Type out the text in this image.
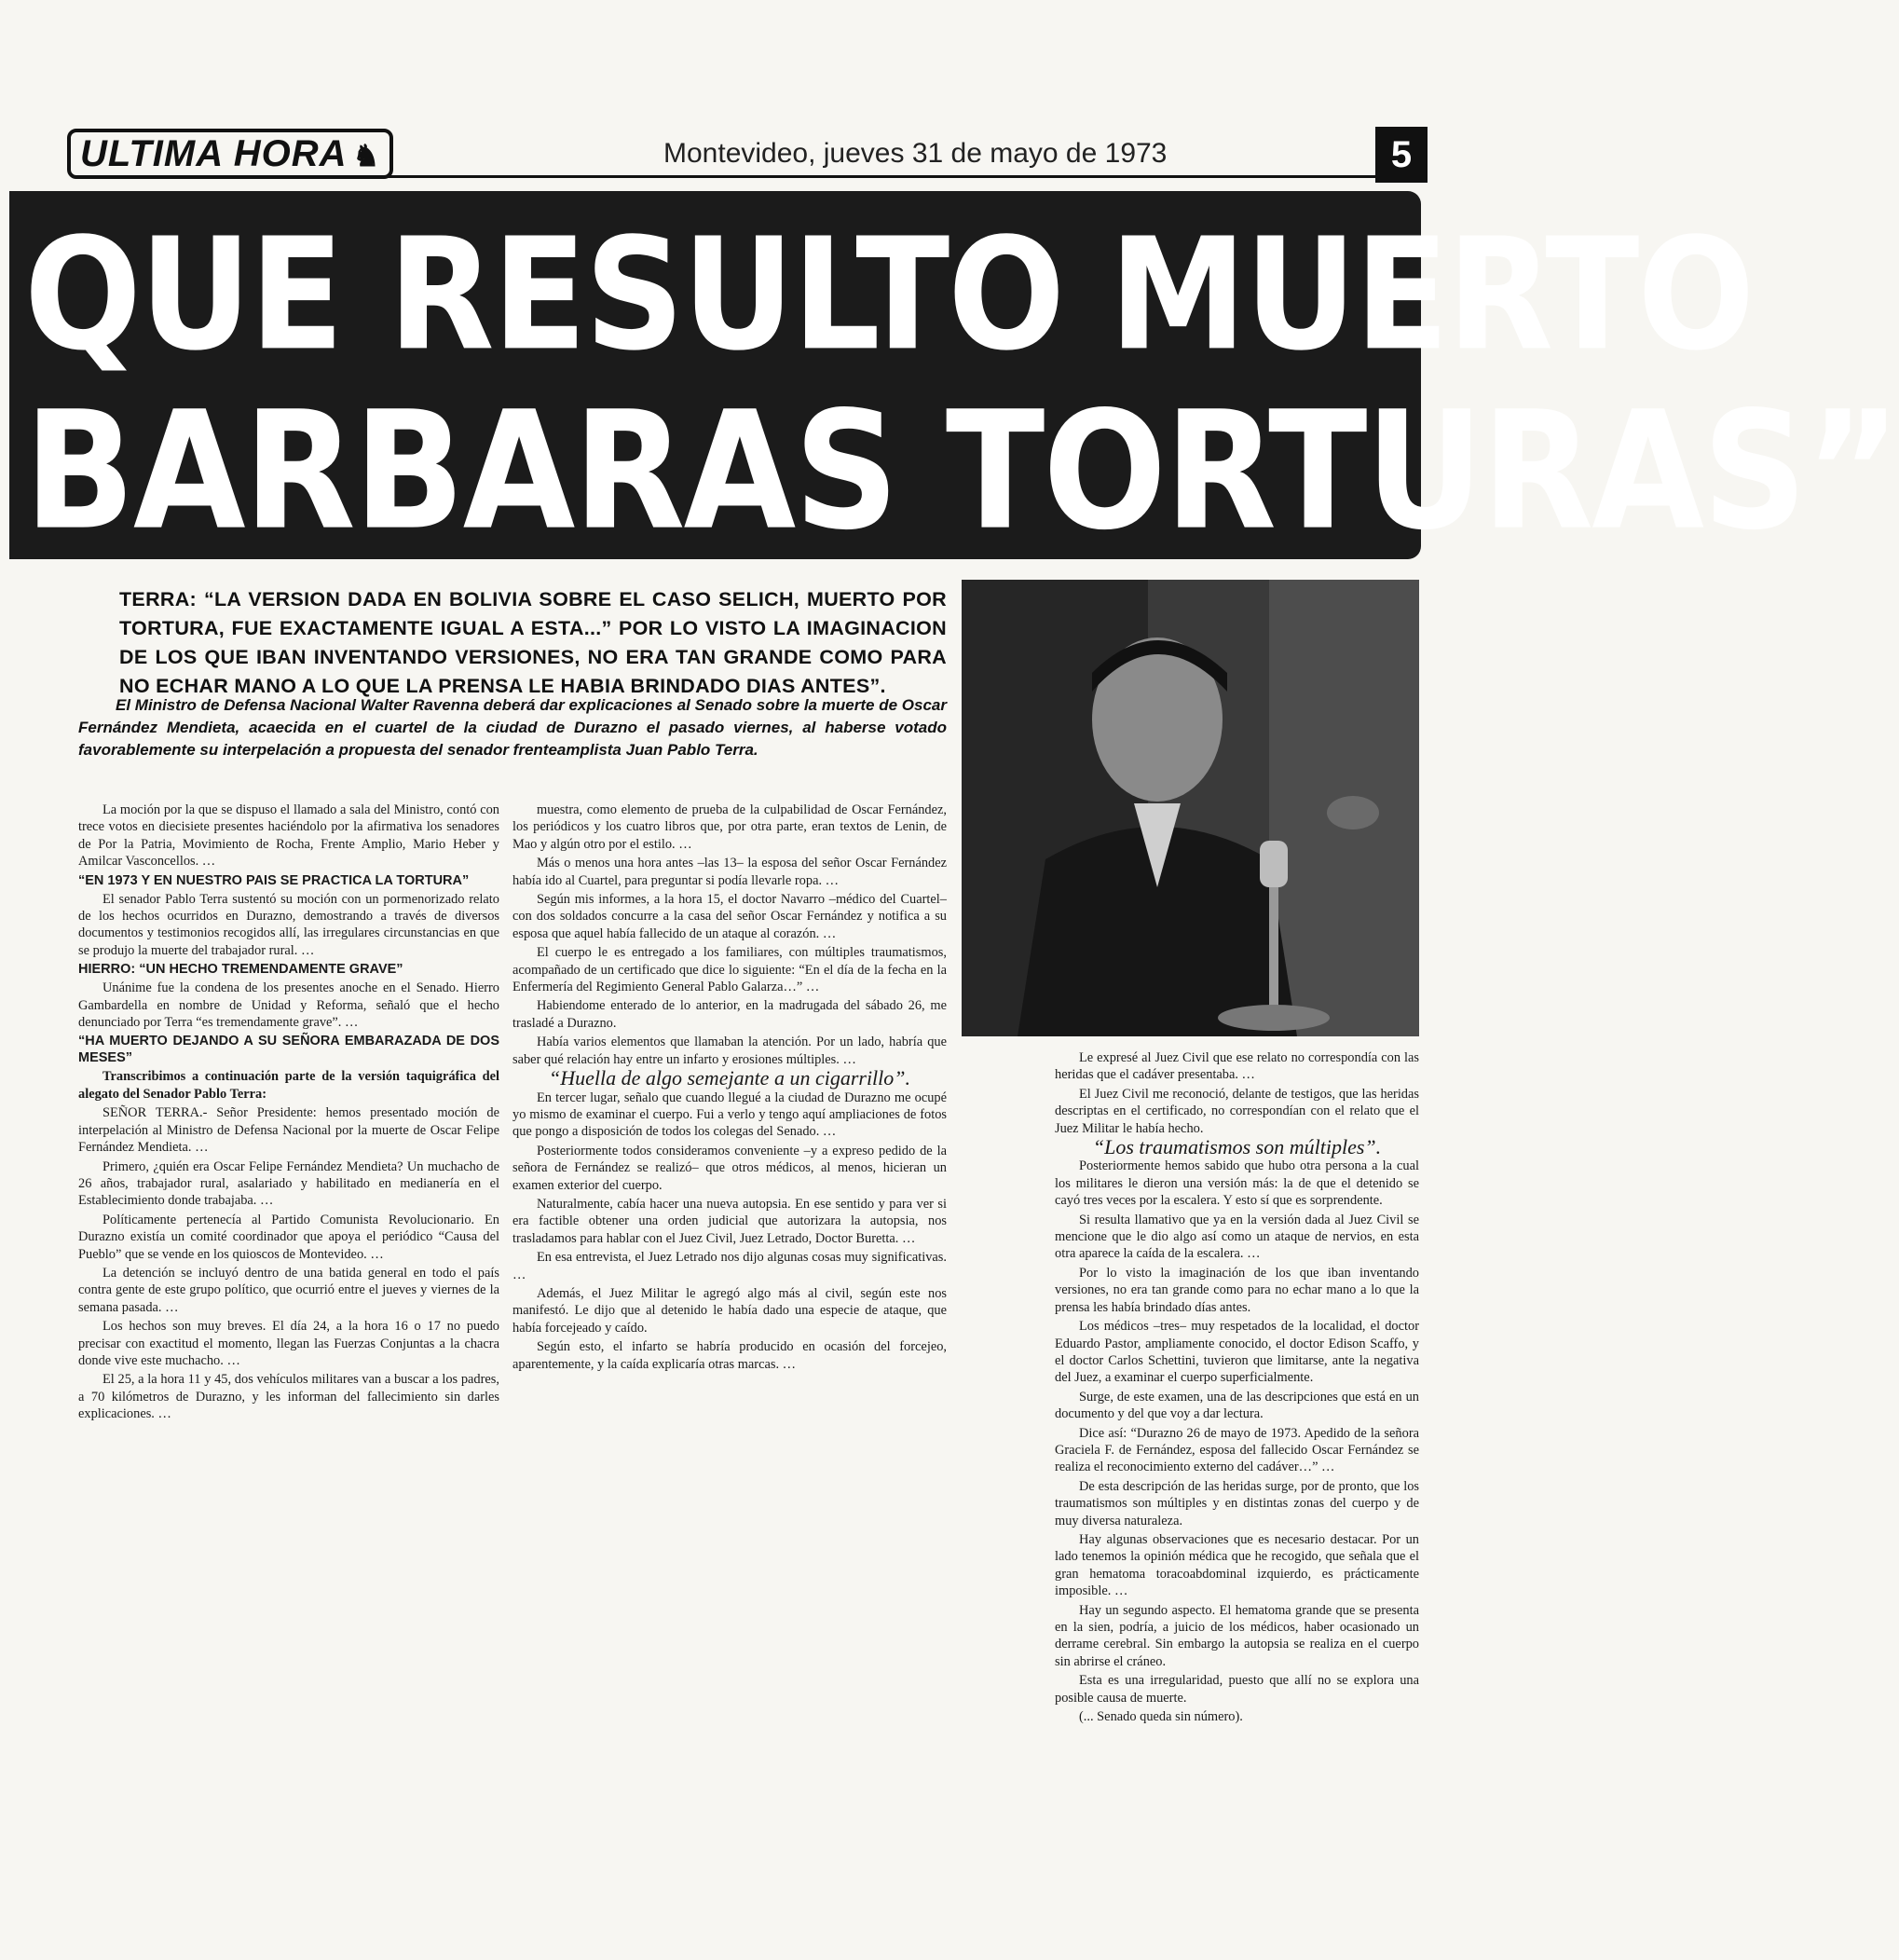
ULTIMA HORA ♞	Montevideo, jueves 31 de mayo de 1973	5
QUE RESULTO MUERTO
BARBARAS TORTURAS”
TERRA: “LA VERSION DADA EN BOLIVIA SOBRE EL CASO SELICH, MUERTO POR TORTURA, FUE EXACTAMENTE IGUAL A ESTA...” POR LO VISTO LA IMAGINACION DE LOS QUE IBAN INVENTANDO VERSIONES, NO ERA TAN GRANDE COMO PARA NO ECHAR MANO A LO QUE LA PRENSA LE HABIA BRINDADO DIAS ANTES”.
El Ministro de Defensa Nacional Walter Ravenna deberá dar explicaciones al Senado sobre la muerte de Oscar Fernández Mendieta, acaecida en el cuartel de la ciudad de Durazno el pasado viernes, al haberse votado favorablemente su interpelación a propuesta del senador frenteamplista Juan Pablo Terra.

La moción por la que se dispuso el llamado a sala del Ministro, contó con trece votos en diecisiete presentes haciéndolo por la afirmativa los senadores de Por la Patria, Movimiento de Rocha, Frente Amplio, Mario Heber y Amilcar Vasconcellos. …

“EN 1973 Y EN NUESTRO PAIS SE PRACTICA LA TORTURA”

El senador Pablo Terra sustentó su moción con un pormenorizado relato de los hechos ocurridos en Durazno, demostrando a través de diversos documentos y testimonios recogidos allí, las irregulares circunstancias en que se produjo la muerte del trabajador rural. …

HIERRO: “UN HECHO TREMENDAMENTE GRAVE”

Unánime fue la condena de los presentes anoche en el Senado. Hierro Gambardella en nombre de Unidad y Reforma, señaló que el hecho denunciado por Terra “es tremendamente grave”. …

“HA MUERTO DEJANDO A SU SEÑORA EMBARAZADA DE DOS MESES”

Transcribimos a continuación parte de la versión taquigráfica del alegato del Senador Pablo Terra:

SEÑOR TERRA.- Señor Presidente: hemos presentado moción de interpelación al Ministro de Defensa Nacional por la muerte de Oscar Felipe Fernández Mendieta. …

Primero, ¿quién era Oscar Felipe Fernández Mendieta? Un muchacho de 26 años, trabajador rural, asalariado y habilitado en medianería en el Establecimiento donde trabajaba. …

Políticamente pertenecía al Partido Comunista Revolucionario. En Durazno existía un comité coordinador que apoya el periódico “Causa del Pueblo” que se vende en los quioscos de Montevideo. …

La detención se incluyó dentro de una batida general en todo el país contra gente de este grupo político, que ocurrió entre el jueves y viernes de la semana pasada. …

Los hechos son muy breves. El día 24, a la hora 16 o 17 no puedo precisar con exactitud el momento, llegan las Fuerzas Conjuntas a la chacra donde vive este muchacho. …

El 25, a la hora 11 y 45, dos vehículos militares van a buscar a los padres, a 70 kilómetros de Durazno, y les informan del fallecimiento sin darles explicaciones. …

muestra, como elemento de prueba de la culpabilidad de Oscar Fernández, los periódicos y los cuatro libros que, por otra parte, eran textos de Lenin, de Mao y algún otro por el estilo. …

Más o menos una hora antes –las 13– la esposa del señor Oscar Fernández había ido al Cuartel, para preguntar si podía llevarle ropa. …

Según mis informes, a la hora 15, el doctor Navarro –médico del Cuartel– con dos soldados concurre a la casa del señor Oscar Fernández y notifica a su esposa que aquel había fallecido de un ataque al corazón. …

El cuerpo le es entregado a los familiares, con múltiples traumatismos, acompañado de un certificado que dice lo siguiente: “En el día de la fecha en la Enfermería del Regimiento General Pablo Galarza…” …

Habiendome enterado de lo anterior, en la madrugada del sábado 26, me trasladé a Durazno.

Había varios elementos que llamaban la atención. Por un lado, habría que saber qué relación hay entre un infarto y erosiones múltiples. …

“Huella de algo semejante a un cigarrillo”.

En tercer lugar, señalo que cuando llegué a la ciudad de Durazno me ocupé yo mismo de examinar el cuerpo. Fui a verlo y tengo aquí ampliaciones de fotos que pongo a disposición de todos los colegas del Senado. …

Posteriormente todos consideramos conveniente –y a expreso pedido de la señora de Fernández se realizó– que otros médicos, al menos, hicieran un examen exterior del cuerpo.

Naturalmente, cabía hacer una nueva autopsia. En ese sentido y para ver si era factible obtener una orden judicial que autorizara la autopsia, nos trasladamos para hablar con el Juez Civil, Juez Letrado, Doctor Buretta. …

En esa entrevista, el Juez Letrado nos dijo algunas cosas muy significativas. …

Además, el Juez Militar le agregó algo más al civil, según este nos manifestó. Le dijo que al detenido le había dado una especie de ataque, que había forcejeado y caído.

Según esto, el infarto se habría producido en ocasión del forcejeo, aparentemente, y la caída explicaría otras marcas. …

Le expresé al Juez Civil que ese relato no correspondía con las heridas que el cadáver presentaba. …

El Juez Civil me reconoció, delante de testigos, que las heridas descriptas en el certificado, no correspondían con el relato que el Juez Militar le había hecho.

“Los traumatismos son múltiples”.

Posteriormente hemos sabido que hubo otra persona a la cual los militares le dieron una versión más: la de que el detenido se cayó tres veces por la escalera. Y esto sí que es sorprendente.

Si resulta llamativo que ya en la versión dada al Juez Civil se mencione que le dio algo así como un ataque de nervios, en esta otra aparece la caída de la escalera. …

Por lo visto la imaginación de los que iban inventando versiones, no era tan grande como para no echar mano a lo que la prensa les había brindado días antes.

Los médicos –tres– muy respetados de la localidad, el doctor Eduardo Pastor, ampliamente conocido, el doctor Edison Scaffo, y el doctor Carlos Schettini, tuvieron que limitarse, ante la negativa del Juez, a examinar el cuerpo superficialmente.

Surge, de este examen, una de las descripciones que está en un documento y del que voy a dar lectura.

Dice así: “Durazno 26 de mayo de 1973. Apedido de la señora Graciela F. de Fernández, esposa del fallecido Oscar Fernández se realiza el reconocimiento externo del cadáver…” …

De esta descripción de las heridas surge, por de pronto, que los traumatismos son múltiples y en distintas zonas del cuerpo y de muy diversa naturaleza.

Hay algunas observaciones que es necesario destacar. Por un lado tenemos la opinión médica que he recogido, que señala que el gran hematoma toracoabdominal izquierdo, es prácticamente imposible. …

Hay un segundo aspecto. El hematoma grande que se presenta en la sien, podría, a juicio de los médicos, haber ocasionado un derrame cerebral. Sin embargo la autopsia se realiza en el cuerpo sin abrirse el cráneo.

Esta es una irregularidad, puesto que allí no se explora una posible causa de muerte.

(... Senado queda sin número).
